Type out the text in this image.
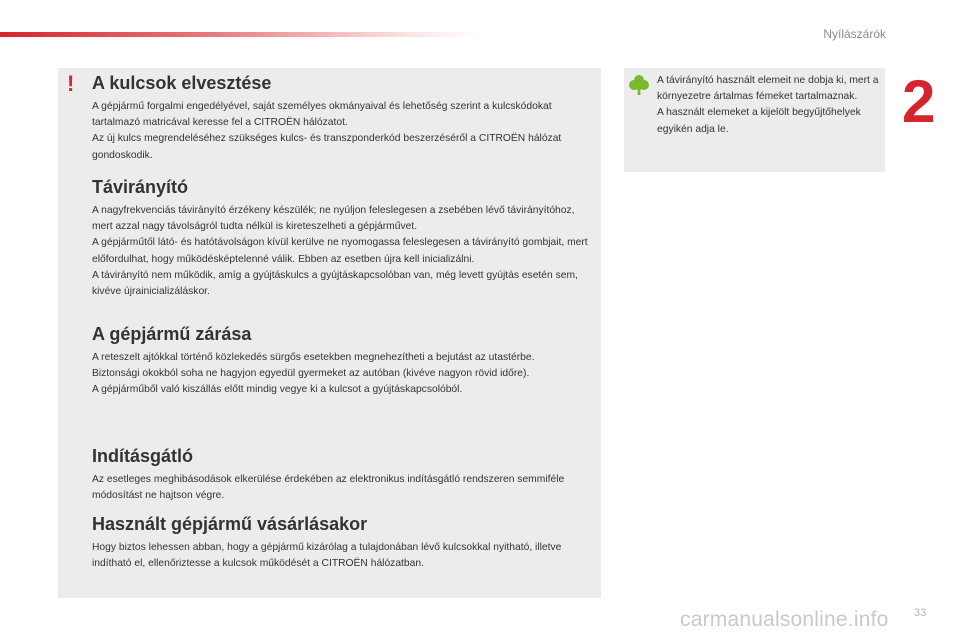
Nyílászárók
2
! A kulcsok elvesztése

A gépjármű forgalmi engedélyével, saját személyes okmányaival és lehetőség szerint a kulcskódokat tartalmazó matricával keresse fel a CITROËN hálózatot.

Az új kulcs megrendeléséhez szükséges kulcs- és transzponderkód beszerzéséről a CITROËN hálózat gondoskodik.

Távirányító

A nagyfrekvenciás távirányító érzékeny készülék; ne nyúljon feleslegesen a zsebében lévő távirányítóhoz, mert azzal nagy távolságról tudta nélkül is kireteszelheti a gépjárművet.

A gépjárműtől látó- és hatótávolságon kívül kerülve ne nyomogassa feleslegesen a távirányító gombjait, mert előfordulhat, hogy működésképtelenné válik. Ebben az esetben újra kell inicializálni.

A távirányító nem működik, amíg a gyújtáskulcs a gyújtáskapcsolóban van, még levett gyújtás esetén sem, kivéve újrainicializáláskor.

A gépjármű zárása

A reteszelt ajtókkal történő közlekedés sürgős esetekben megnehezítheti a bejutást az utastérbe.

Biztonsági okokból soha ne hagyjon egyedül gyermeket az autóban (kivéve nagyon rövid időre).

A gépjárműből való kiszállás előtt mindig vegye ki a kulcsot a gyújtáskapcsolóból.

Indításgátló

Az esetleges meghibásodások elkerülése érdekében az elektronikus indításgátló rendszeren semmiféle módosítást ne hajtson végre.

Használt gépjármű vásárlásakor

Hogy biztos lehessen abban, hogy a gépjármű kizárólag a tulajdonában lévő kulcsokkal nyitható, illetve indítható el, ellenőriztesse a kulcsok működését a CITROËN hálózatban.

A távirányító használt elemeit ne dobja ki, mert a környezetre ártalmas fémeket tartalmaznak.

A használt elemeket a kijelölt begyűjtőhelyek egyikén adja le.

carmanualsonline.info 33
